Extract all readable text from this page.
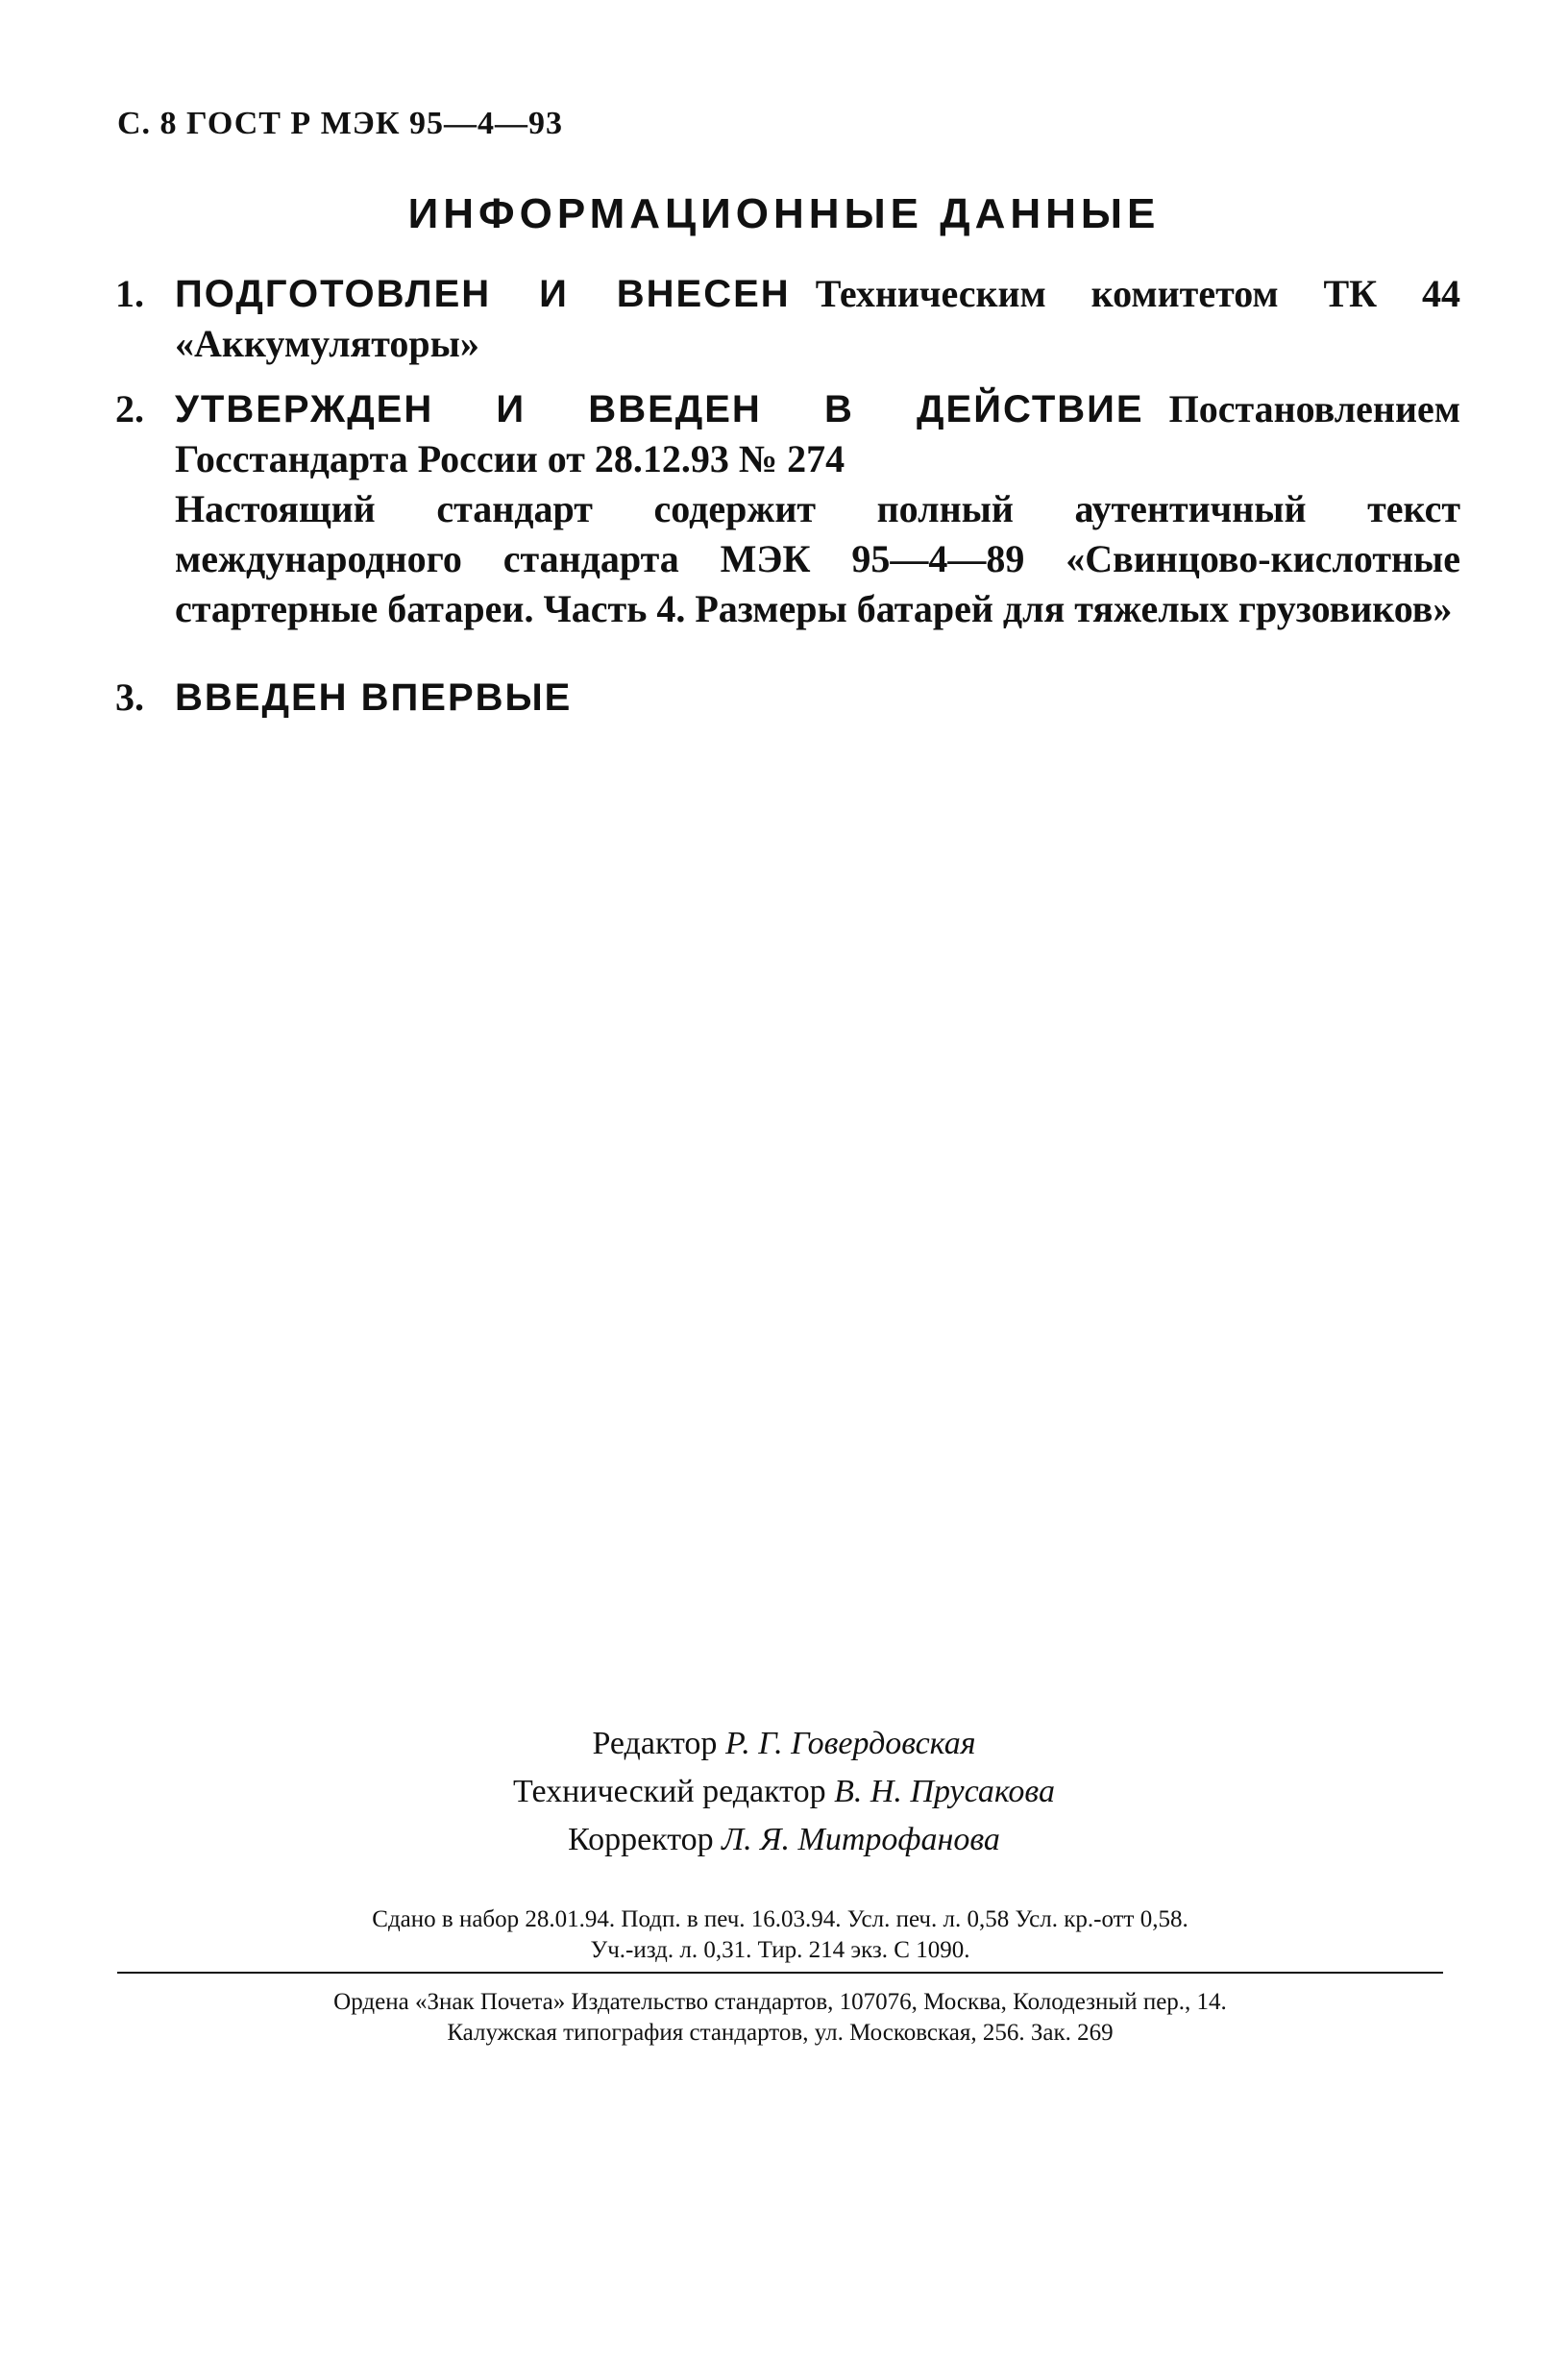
С. 8 ГОСТ Р МЭК 95—4—93
ИНФОРМАЦИОННЫЕ ДАННЫЕ
1. ПОДГОТОВЛЕН И ВНЕСЕН Техническим комитетом ТК 44 «Аккумуляторы»
2. УТВЕРЖДЕН И ВВЕДЕН В ДЕЙСТВИЕ Постановлением Госстандарта России от 28.12.93 № 274
Настоящий стандарт содержит полный аутентичный текст международного стандарта МЭК 95—4—89 «Свинцово-кислотные стартерные батареи. Часть 4. Размеры батарей для тяжелых грузовиков»
3. ВВЕДЕН ВПЕРВЫЕ
Редактор Р. Г. Говердовская
Технический редактор В. Н. Прусакова
Корректор Л. Я. Митрофанова
Сдано в набор 28.01.94. Подп. в печ. 16.03.94. Усл. печ. л. 0,58 Усл. кр.-отт 0,58.
Уч.-изд. л. 0,31. Тир. 214 экз. С 1090.
Ордена «Знак Почета» Издательство стандартов, 107076, Москва, Колодезный пер., 14.
Калужская типография стандартов, ул. Московская, 256. Зак. 269
